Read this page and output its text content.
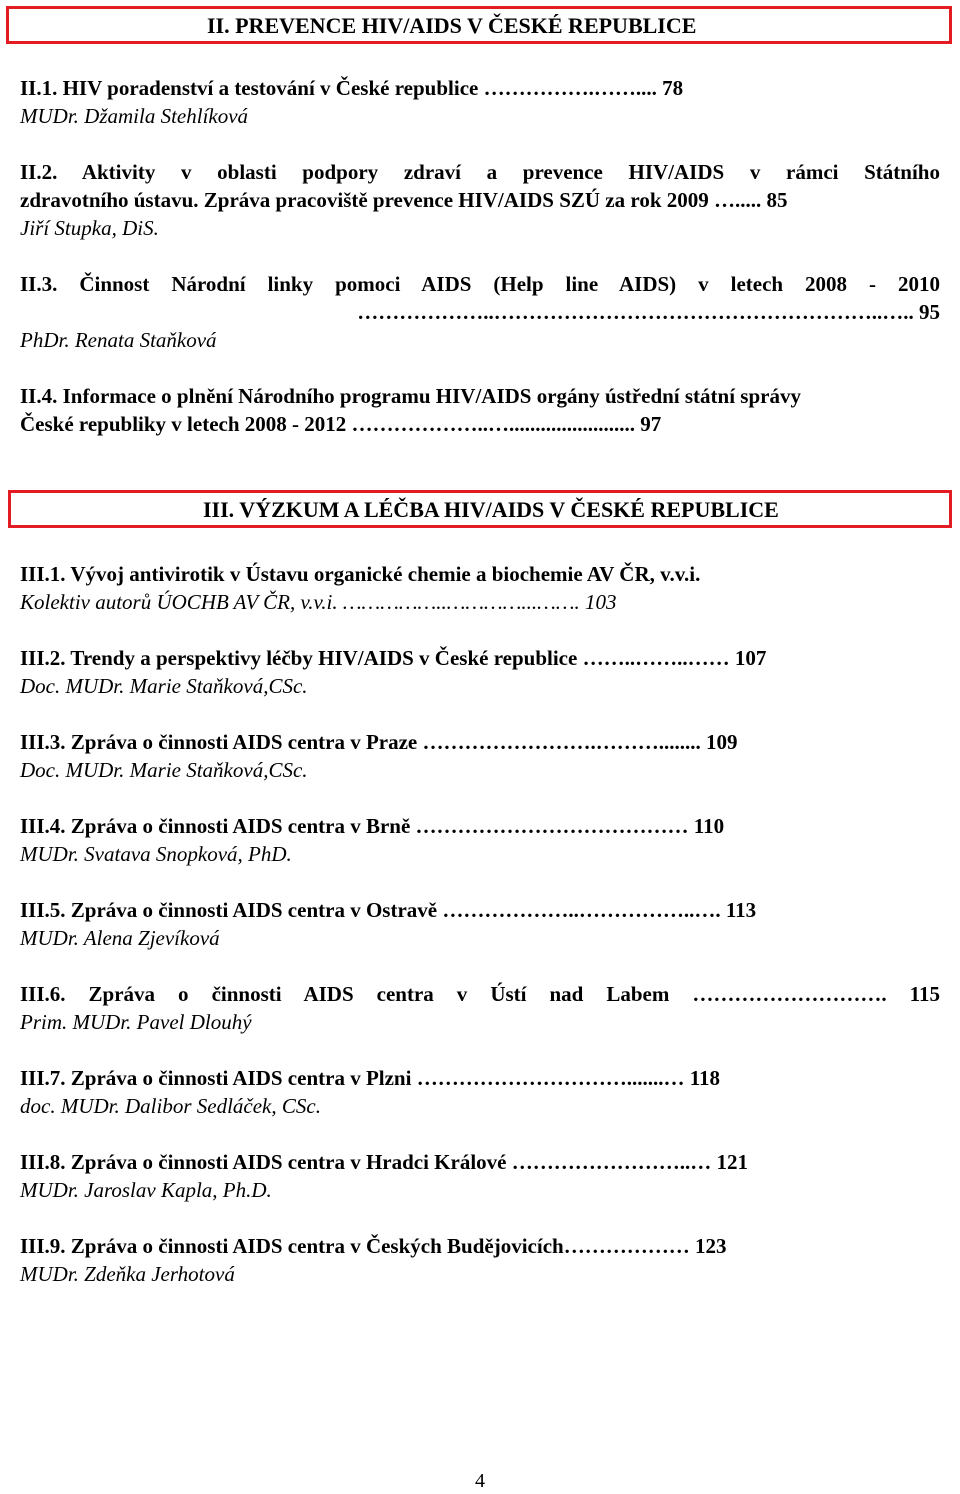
II. PREVENCE HIV/AIDS V ČESKÉ REPUBLICE
II.1. HIV poradenství a testování v České republice …………….…….... 78
MUDr. Džamila Stehlíková
II.2. Aktivity v oblasti podpory zdraví a prevence HIV/AIDS v rámci Státního
zdravotního ústavu. Zpráva pracoviště prevence HIV/AIDS SZÚ za rok 2009 …..... 85
Jiří Stupka, DiS.
II.3. Činnost Národní linky pomoci AIDS (Help line AIDS) v letech 2008 - 2010
………………..………………………………………………..….. 95
PhDr. Renata Staňková
II.4. Informace o plnění Národního programu HIV/AIDS orgány ústřední státní správy
České republiky v letech 2008 - 2012 ………………..…........................ 97
III. VÝZKUM A LÉČBA HIV/AIDS V ČESKÉ REPUBLICE
III.1. Vývoj antivirotik v Ústavu organické chemie a biochemie AV ČR, v.v.i.
Kolektiv autorů ÚOCHB AV ČR, v.v.i. ……………..…………...……. 103
III.2. Trendy a perspektivy léčby HIV/AIDS v České republice ……..……..…… 107
Doc. MUDr. Marie Staňková,CSc.
III.3. Zpráva o činnosti AIDS centra v Praze …………………….………........ 109
Doc. MUDr. Marie Staňková,CSc.
III.4. Zpráva o činnosti AIDS centra v Brně ………………………………… 110
MUDr. Svatava Snopková, PhD.
III.5. Zpráva o činnosti AIDS centra v Ostravě ………………..……………..…. 113
MUDr. Alena Zjevíková
III.6. Zpráva o činnosti AIDS centra v Ústí nad Labem ………………………. 115
Prim. MUDr. Pavel Dlouhý
III.7. Zpráva o činnosti AIDS centra v Plzni ………………………….......… 118
doc. MUDr. Dalibor Sedláček, CSc.
III.8. Zpráva o činnosti AIDS centra v Hradci Králové ……………………..… 121
MUDr. Jaroslav Kapla, Ph.D.
III.9. Zpráva o činnosti AIDS centra v Českých Budějovicích……………… 123
MUDr. Zdeňka Jerhotová
4
